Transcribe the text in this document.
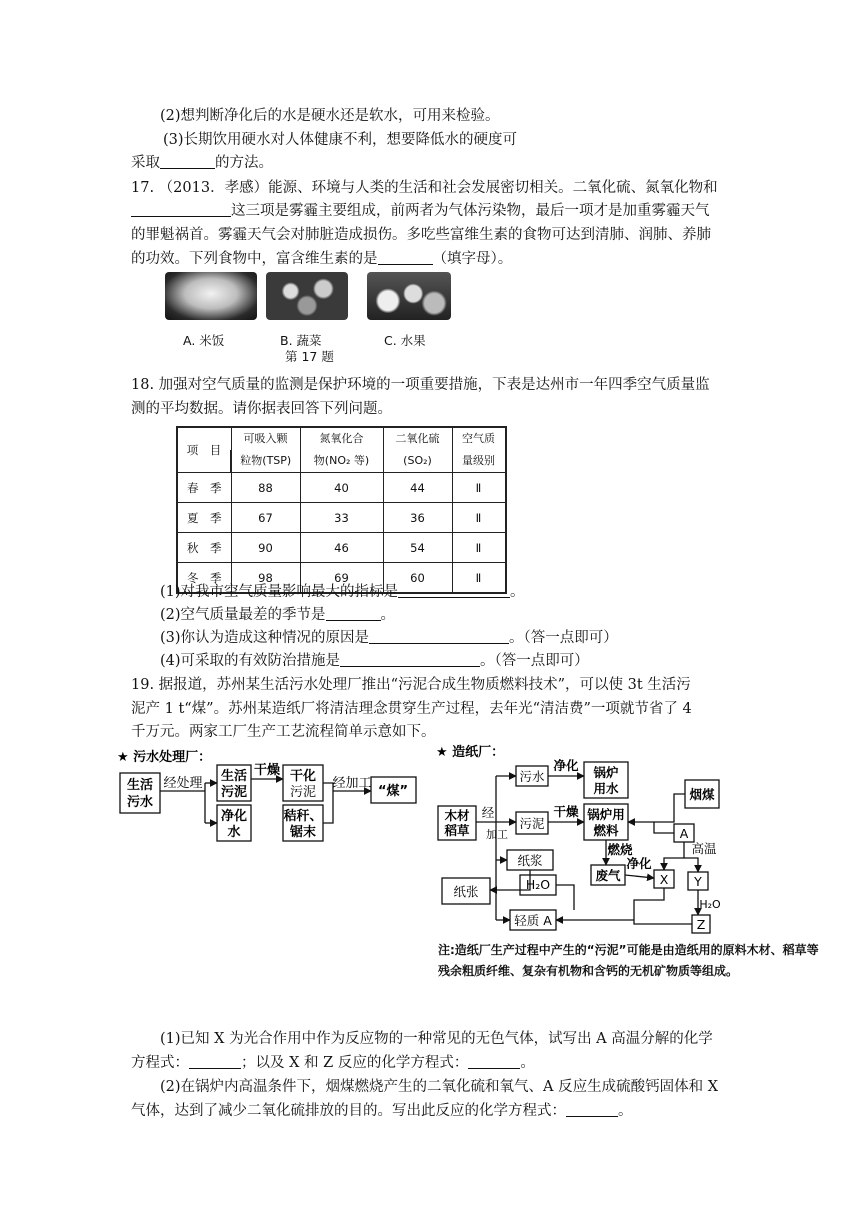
(2)想判断净化后的水是硬水还是软水，可用来检验。
(3)长期饮用硬水对人体健康不利，想要降低水的硬度可
采取	的方法。
17. （2013．孝感）能源、环境与人类的生活和社会发展密切相关。二氧化硫、氮氧化物和
这三项是雾霾主要组成，前两者为气体污染物，最后一项才是加重雾霾天气
的罪魁祸首。雾霾天气会对肺脏造成损伤。多吃些富维生素的食物可达到清肺、润肺、养肺
的功效。下列食物中，富含维生素的是	（填字母）。
A. 米饭	B. 蔬菜	C. 水果
第 17 题
18. 加强对空气质量的监测是保护环境的一项重要措施，下表是达州市一年四季空气质量监
测的平均数据。请你据表回答下列问题。
项　目	可吸入颗	氮氧化合	二氧化硫	空气质
	粒物(TSP)	物(NO₂ 等)	(SO₂)	量级别
春　季	88	40	44	Ⅱ
夏　季	67	33	36	Ⅱ
秋　季	90	46	54	Ⅱ
冬　季	98	69	60	Ⅱ
(1)对我市空气质量影响最大的指标是	。
(2)空气质量最差的季节是	。
(3)你认为造成这种情况的原因是	。（答一点即可）
(4)可采取的有效防治措施是	。（答一点即可）
19. 据报道，苏州某生活污水处理厂推出“污泥合成生物质燃料技术”，可以使 3t 生活污
泥产 1 t“煤”。苏州某造纸厂将清洁理念贯穿生产过程，去年光“清洁费”一项就节省了 4
千万元。两家工厂生产工艺流程简单示意如下。
★ 污水处理厂：
生活
污水
经处理 生活
污泥
净化
水
干燥 干化
污泥
秸秆、
锯末
经加工
“煤”
★ 造纸厂：
木材
稻草
经
加工
污水
净化 锅炉
用水
污泥
干燥 锅炉用
燃料
烟煤
A
高温
燃烧
净化
纸浆
废气	X Y
H₂O
H₂O
Z
纸张
轻质 A
注:造纸厂生产过程中产生的“污泥”可能是由造纸用的原料木材、稻草等残余粗质纤维、复杂有机物和含钙的无机矿物质等组成。
(1)已知 X 为光合作用中作为反应物的一种常见的无色气体，试写出 A 高温分解的化学
方程式：	；以及 X 和 Z 反应的化学方程式：	。
(2)在锅炉内高温条件下，烟煤燃烧产生的二氧化硫和氧气、A 反应生成硫酸钙固体和 X
气体，达到了减少二氧化硫排放的目的。写出此反应的化学方程式：	。
